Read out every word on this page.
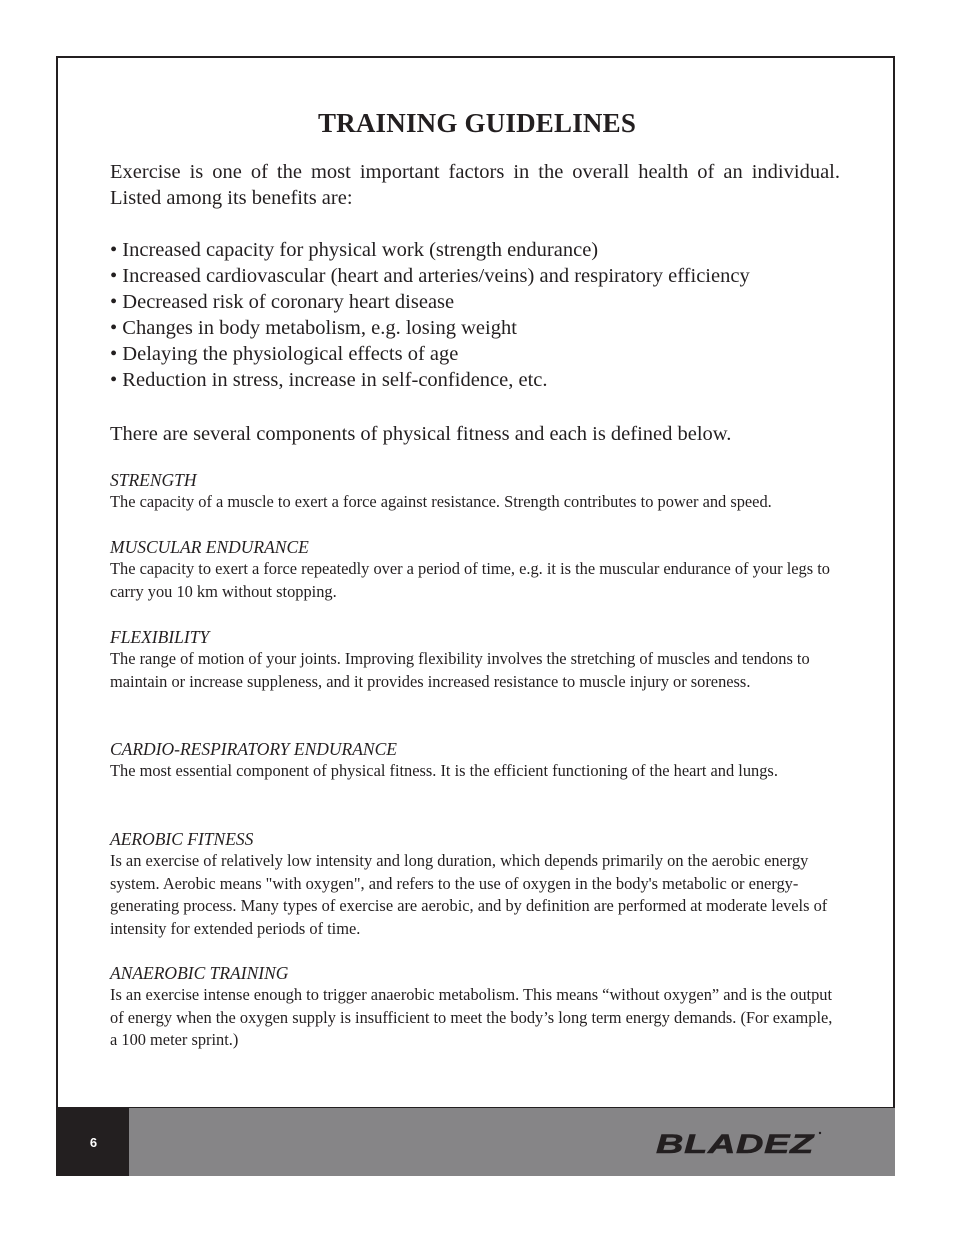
TRAINING GUIDELINES

Exercise is one of the most important factors in the overall health of an individual. Listed among its benefits are:

• Increased capacity for physical work (strength endurance)
• Increased cardiovascular (heart and arteries/veins) and respiratory efficiency
• Decreased risk of coronary heart disease
• Changes in body metabolism, e.g. losing weight
• Delaying the physiological effects of age
• Reduction in stress, increase in self-confidence, etc.

There are several components of physical fitness and each is defined below.

STRENGTH

The capacity of a muscle to exert a force against resistance. Strength contributes to power and speed.

MUSCULAR ENDURANCE

The capacity to exert a force repeatedly over a period of time, e.g. it is the muscular endurance of your legs to carry you 10 km without stopping.

FLEXIBILITY

The range of motion of your joints. Improving flexibility involves the stretching of muscles and tendons to maintain or increase suppleness, and it provides increased resistance to muscle injury or soreness.

CARDIO-RESPIRATORY ENDURANCE

The most essential component of physical fitness. It is the efficient functioning of the heart and lungs.

AEROBIC FITNESS

Is an exercise of relatively low intensity and long duration, which depends primarily on the aerobic energy system. Aerobic means "with oxygen", and refers to the use of oxygen in the body's metabolic or energy-generating process. Many types of exercise are aerobic, and by definition are performed at moderate levels of intensity for extended periods of time.

ANAEROBIC TRAINING

Is an exercise intense enough to trigger anaerobic metabolism. This means “without oxygen” and is the output of energy when the oxygen supply is insufficient to meet the body’s long term energy demands. (For example, a 100 meter sprint.)

6	BLADEZ
